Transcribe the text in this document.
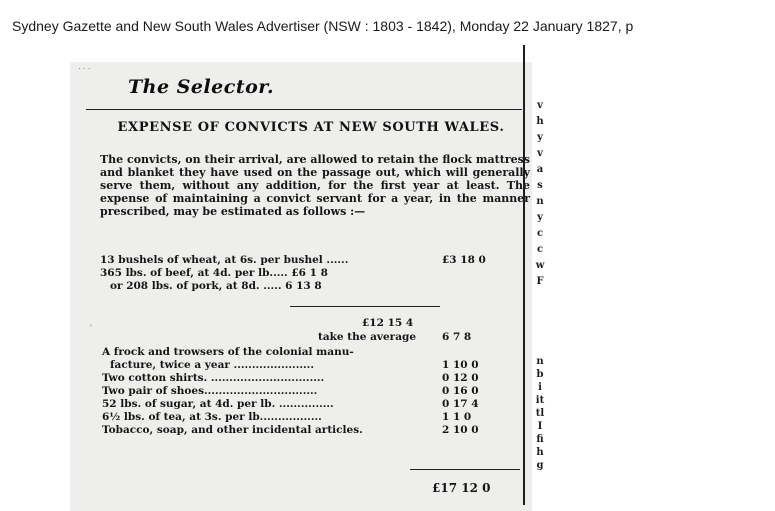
Sydney Gazette and New South Wales Advertiser (NSW : 1803 - 1842), Monday 22 January 1827, p
· · ·
ʼ
The Selector.
EXPENSE OF CONVICTS AT NEW SOUTH WALES.
The convicts, on their arrival, are allowed to retain the flock mattress and blanket they have used on the passage out, which will generally serve them, without any addition, for the first year at least. The expense of maintaining a convict servant for a year, in the manner prescribed, may be estimated as follows :—
13 bushels of wheat, at 6s. per bushel ......	£3 18 0
365 lbs. of beef, at 4d. per lb..... £6 1 8
or 208 lbs. of pork, at 8d. ..... 6 13 8
£12 15 4
take the average 6 7 8
A frock and trowsers of the colonial manu-
facture, twice a year ......................	1 10 0
Two cotton shirts. ...............................	0 12 0
Two pair of shoes...............................	0 16 0
52 lbs. of sugar, at 4d. per lb. ...............	0 17 4
6½ lbs. of tea, at 3s. per lb.................	1 1 0
Tobacco, soap, and other incidental articles.	2 10 0
£17 12 0
v
h
y
v
a
s
n
y
c
c
w
F
n
b
i
it
tl
I
fi
h
g
